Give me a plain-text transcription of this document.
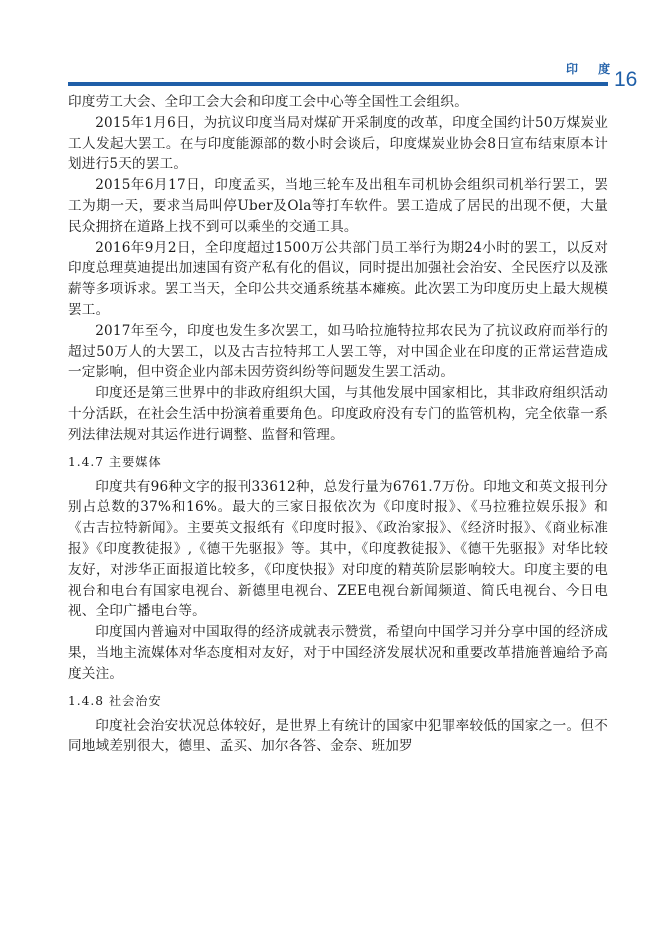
印 度
16

印度劳工大会、全印工会大会和印度工会中心等全国性工会组织。

2015年1月6日，为抗议印度当局对煤矿开采制度的改革，印度全国约计50万煤炭业工人发起大罢工。在与印度能源部的数小时会谈后，印度煤炭业协会8日宣布结束原本计划进行5天的罢工。

2015年6月17日，印度孟买，当地三轮车及出租车司机协会组织司机举行罢工，罢工为期一天，要求当局叫停Uber及Ola等打车软件。罢工造成了居民的出现不便，大量民众拥挤在道路上找不到可以乘坐的交通工具。

2016年9月2日，全印度超过1500万公共部门员工举行为期24小时的罢工，以反对印度总理莫迪提出加速国有资产私有化的倡议，同时提出加强社会治安、全民医疗以及涨薪等多项诉求。罢工当天，全印公共交通系统基本瘫痪。此次罢工为印度历史上最大规模罢工。

2017年至今，印度也发生多次罢工，如马哈拉施特拉邦农民为了抗议政府而举行的超过50万人的大罢工，以及古吉拉特邦工人罢工等，对中国企业在印度的正常运营造成一定影响，但中资企业内部未因劳资纠纷等问题发生罢工活动。

印度还是第三世界中的非政府组织大国，与其他发展中国家相比，其非政府组织活动十分活跃，在社会生活中扮演着重要角色。印度政府没有专门的监管机构，完全依靠一系列法律法规对其运作进行调整、监督和管理。

1.4.7 主要媒体

印度共有96种文字的报刊33612种，总发行量为6761.7万份。印地文和英文报刊分别占总数的37%和16%。最大的三家日报依次为《印度时报》、《马拉雅拉娱乐报》和《古吉拉特新闻》。主要英文报纸有《印度时报》、《政治家报》、《经济时报》、《商业标准报》《印度教徒报》,《德干先驱报》等。其中，《印度教徒报》、《德干先驱报》对华比较友好，对涉华正面报道比较多，《印度快报》对印度的精英阶层影响较大。印度主要的电视台和电台有国家电视台、新德里电视台、ZEE电视台新闻频道、简氏电视台、今日电视、全印广播电台等。

印度国内普遍对中国取得的经济成就表示赞赏，希望向中国学习并分享中国的经济成果，当地主流媒体对华态度相对友好，对于中国经济发展状况和重要改革措施普遍给予高度关注。

1.4.8 社会治安

印度社会治安状况总体较好，是世界上有统计的国家中犯罪率较低的国家之一。但不同地域差别很大，德里、孟买、加尔各答、金奈、班加罗
